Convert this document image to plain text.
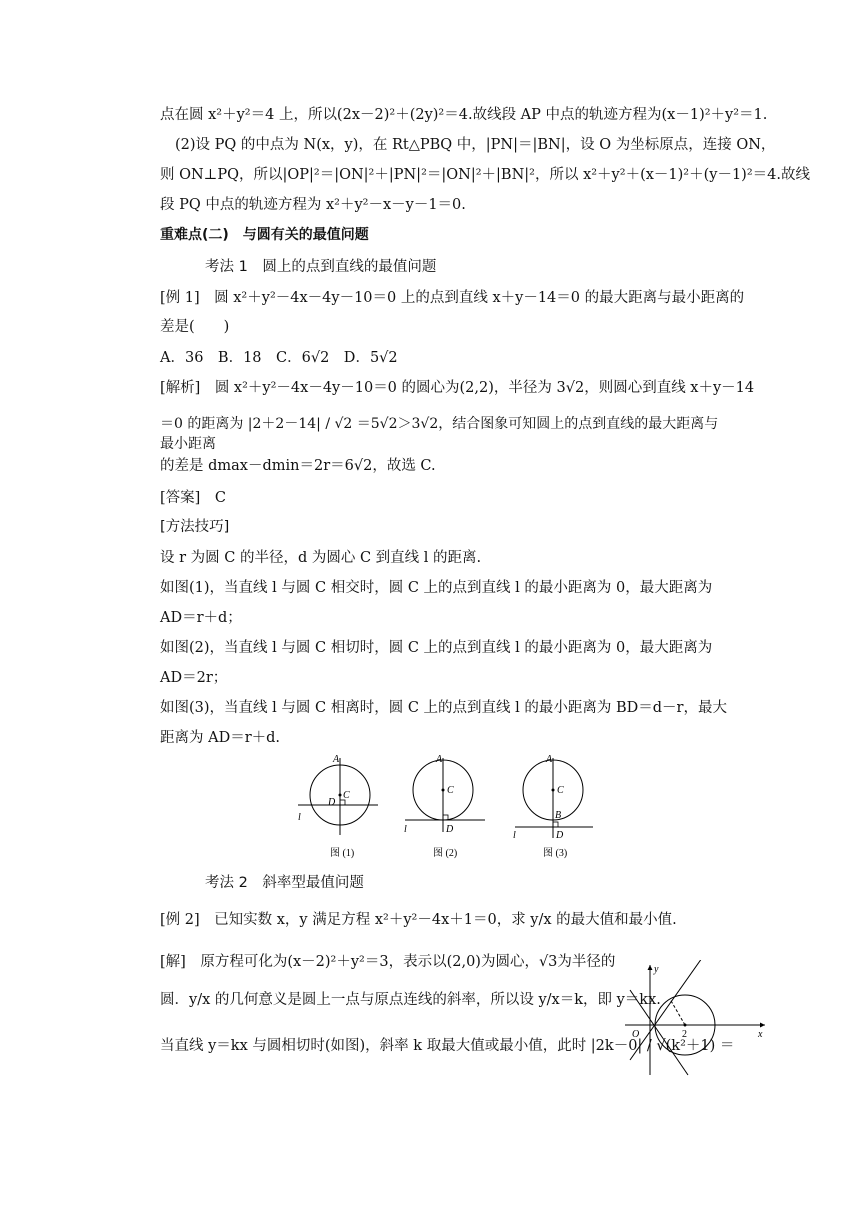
点在圆 x²＋y²＝4 上，所以(2x－2)²＋(2y)²＝4.故线段 AP 中点的轨迹方程为(x－1)²＋y²＝1.
(2)设 PQ 的中点为 N(x，y)，在 Rt△PBQ 中，|PN|＝|BN|，设 O 为坐标原点，连接 ON，
则 ON⊥PQ，所以|OP|²＝|ON|²＋|PN|²＝|ON|²＋|BN|²，所以 x²＋y²＋(x－1)²＋(y－1)²＝4.故线
段 PQ 中点的轨迹方程为 x²＋y²－x－y－1＝0.
重难点(二)　与圆有关的最值问题
考法 1　圆上的点到直线的最值问题
[例 1]　圆 x²＋y²－4x－4y－10＝0 上的点到直线 x＋y－14＝0 的最大距离与最小距离的
差是(　　)
A．36　B．18　C．6√2　D．5√2
[解析]　圆 x²＋y²－4x－4y－10＝0 的圆心为(2,2)，半径为 3√2，则圆心到直线 x＋y－14
＝0 的距离为 |2＋2－14| / √2 ＝5√2＞3√2，结合图象可知圆上的点到直线的最大距离与最小距离
的差是 dmax－dmin＝2r＝6√2，故选 C.
[答案]　C
[方法技巧]
设 r 为圆 C 的半径，d 为圆心 C 到直线 l 的距离.
如图(1)，当直线 l 与圆 C 相交时，圆 C 上的点到直线 l 的最小距离为 0，最大距离为
AD＝r＋d；
如图(2)，当直线 l 与圆 C 相切时，圆 C 上的点到直线 l 的最小距离为 0，最大距离为
AD＝2r；
如图(3)，当直线 l 与圆 C 相离时，圆 C 上的点到直线 l 的最小距离为 BD＝d－r，最大
距离为 AD＝r＋d.
A
C
D
l
图 (1)
A
C
D
l
图 (2)
A
C
B
D
l
图 (3)
考法 2　斜率型最值问题
[例 2]　已知实数 x，y 满足方程 x²＋y²－4x＋1＝0，求 y/x 的最大值和最小值.
[解]　原方程可化为(x－2)²＋y²＝3，表示以(2,0)为圆心，√3为半径的
圆．y/x 的几何意义是圆上一点与原点连线的斜率，所以设 y/x＝k，即 y＝kx.
当直线 y＝kx 与圆相切时(如图)，斜率 k 取最大值或最小值，此时 |2k－0| / √(k²＋1) ＝
x
y
O	2
